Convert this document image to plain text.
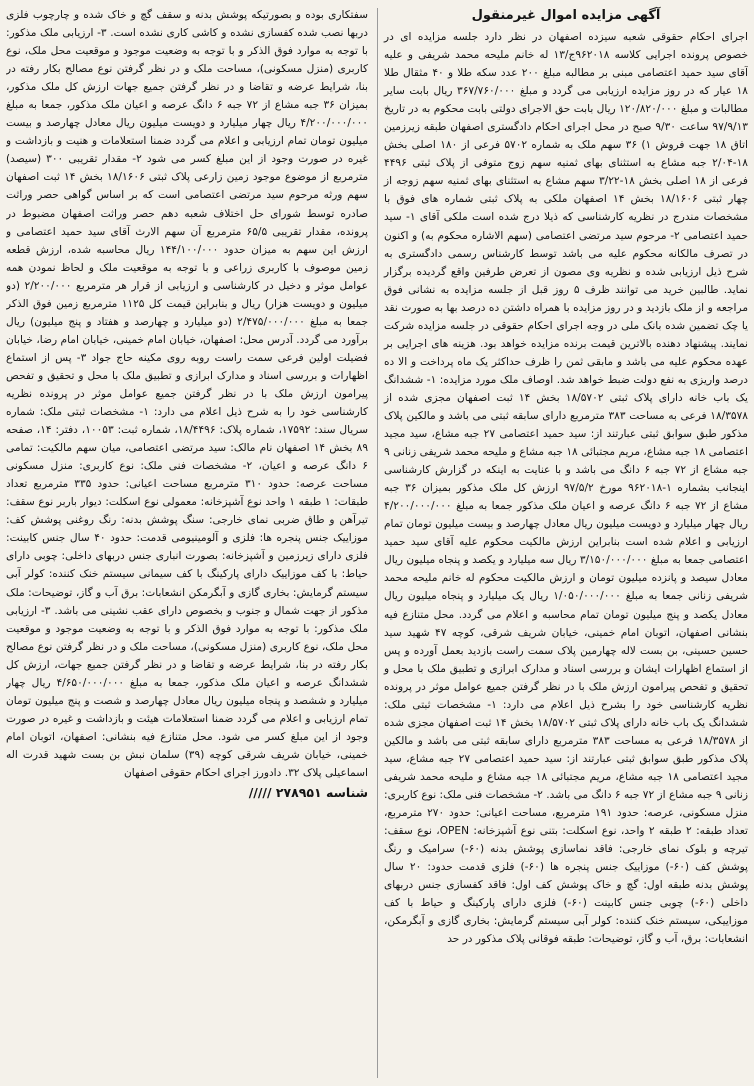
آگهی مزایده اموال غیرمنقول

اجرای احکام حقوقی شعبه سیزده اصفهان در نظر دارد جلسه مزایده ای در خصوص پرونده اجرایی کلاسه ۹۶۲۰۱۸ج/۱۳ له خانم ملیحه محمد شریفی و علیه آقای سید حمید اعتصامی مبنی بر مطالبه مبلغ ۲۰۰ عدد سکه طلا و ۴۰ مثقال طلا ۱۸ عیار که در روز مزایده ارزیابی می گردد و مبلغ ۳۶۷/۷۶۰/۰۰۰ ریال بابت سایر مطالبات و مبلغ ۱۲۰/۸۲۰/۰۰۰ ریال بابت حق الاجرای دولتی بابت محکوم به در تاریخ ۹۷/۹/۱۳ ساعت ۹/۳۰ صبح در محل اجرای احکام دادگستری اصفهان طبقه زیرزمین اتاق ۱۸ جهت فروش ۱) ۳۶ سهم ملک به شماره ۵۷۰۲ فرعی از ۱۸۰ اصلی بخش ۱۸-۲/۰۴ جبه مشاع به استثنای بهای ثمنیه سهم زوج متوفی از پلاک ثبتی ۴۴۹۶ فرعی از ۱۸ اصلی بخش ۱۸-۳/۲۲ سهم مشاع به استثنای بهای ثمنیه سهم زوجه از چهار ثبتی ۱۸/۱۶۰۶ بخش ۱۴ اصفهان ملکی به پلاک ثبتی شماره های فوق با مشخصات مندرج در نظریه کارشناسی که ذیلا درج شده است ملکی آقای ۱- سید حمید اعتصامی ۲- مرحوم سید مرتضی اعتصامی (سهم الاشاره محکوم به) و اکنون در تصرف مالکانه محکوم علیه می باشد توسط کارشناس رسمی دادگستری به شرح ذیل ارزیابی شده و نظریه وی مصون از تعرض طرفین واقع گردیده برگزار نماید. طالبین خرید می توانند ظرف ۵ روز قبل از جلسه مزایده به نشانی فوق مراجعه و از ملک بازدید و در روز مزایده با همراه داشتن ده درصد بها به صورت نقد یا چک تضمین شده بانک ملی در وجه اجرای احکام حقوقی در جلسه مزایده شرکت نمایند. پیشنهاد دهنده بالاترین قیمت برنده مزایده خواهد بود. هزینه های اجرایی بر عهده محکوم علیه می باشد و مابقی ثمن را ظرف حداکثر یک ماه پرداخت و الا ده درصد واریزی به نفع دولت ضبط خواهد شد. اوصاف ملک مورد مزایده: ۱- ششدانگ یک باب خانه دارای پلاک ثبتی ۱۸/۵۷۰۲ بخش ۱۴ ثبت اصفهان مجزی شده از ۱۸/۳۵۷۸ فرعی به مساحت ۳۸۳ مترمربع دارای سابقه ثبتی می باشد و مالکین پلاک مذکور طبق سوابق ثبتی عبارتند از: سید حمید اعتصامی ۲۷ جبه مشاع، سید مجید اعتصامی ۱۸ جبه مشاع، مریم مجتبائی ۱۸ جبه مشاع و ملیحه محمد شریفی زنانی ۹ جبه مشاع از ۷۲ جبه ۶ دانگ می باشد و با عنایت به اینکه در گزارش کارشناسی اینجانب بشماره ۱-۹۶۲۰۱۸ مورخ ۹۷/۵/۲ ارزش کل ملک مذکور بمیزان ۳۶ جبه مشاع از ۷۲ جبه ۶ دانگ عرصه و اعیان ملک مذکور جمعا به مبلغ ۴/۲۰۰/۰۰۰/۰۰۰ ریال چهار میلیارد و دویست میلیون ریال معادل چهارصد و بیست میلیون تومان تمام ارزیابی و اعلام شده است بنابراین ارزش مالکیت محکوم علیه آقای سید حمید اعتصامی جمعا به مبلغ ۳/۱۵۰/۰۰۰/۰۰۰ ریال سه میلیارد و یکصد و پنجاه میلیون ریال معادل سیصد و پانزده میلیون تومان و ارزش مالکیت محکوم له خانم ملیحه محمد شریفی زنانی جمعا به مبلغ ۱/۰۵۰/۰۰۰/۰۰۰ ریال یک میلیارد و پنجاه میلیون ریال معادل یکصد و پنج میلیون تومان تمام محاسبه و اعلام می گردد. محل متنازع فیه بنشانی اصفهان، اتوبان امام خمینی، خیابان شریف شرقی، کوچه ۴۷ شهید سید حسین حسینی، بن بست لاله چهارمین پلاک سمت راست بازدید بعمل آورده و پس از استماع اظهارات ایشان و بررسی اسناد و مدارک ابرازی و تطبیق ملک با محل و تحقیق و تفحص پیرامون ارزش ملک با در نظر گرفتن جمیع عوامل موثر در پرونده نظریه کارشناسی خود را بشرح ذیل اعلام می دارد: ۱- مشخصات ثبتی ملک: ششدانگ یک باب خانه دارای پلاک ثبتی ۱۸/۵۷۰۲ بخش ۱۴ ثبت اصفهان مجزی شده از ۱۸/۳۵۷۸ فرعی به مساحت ۳۸۳ مترمربع دارای سابقه ثبتی می باشد و مالکین پلاک مذکور طبق سوابق ثبتی عبارتند از: سید حمید اعتصامی ۲۷ جبه مشاع، سید مجید اعتصامی ۱۸ جبه مشاع، مریم مجتبائی ۱۸ جبه مشاع و ملیحه محمد شریفی زنانی ۹ جبه مشاع از ۷۲ جبه ۶ دانگ می باشد. ۲- مشخصات فنی ملک: نوع کاربری: منزل مسکونی، عرصه: حدود ۱۹۱ مترمربع، مساحت اعیانی: حدود ۲۷۰ مترمربع، تعداد طبقه: ۲ طبقه ۲ واحد، نوع اسکلت: بتنی نوع آشپزخانه: OPEN، نوع سقف: تیرچه و بلوک نمای خارجی: فاقد نماسازی پوشش بدنه (۶۰-) سرامیک و رنگ پوشش کف (۶۰-) موزاییک جنس پنجره ها (۶۰-) فلزی قدمت حدود: ۲۰ سال پوشش بدنه طبقه اول: گچ و خاک پوشش کف اول: فاقد کفسازی جنس دربهای داخلی (۶۰-) چوبی جنس کابینت (۶۰-) فلزی دارای پارکینگ و حیاط با کف موزاییکی، سیستم خنک کننده: کولر آبی سیستم گرمایش: بخاری گازی و آبگرمکن، انشعابات: برق، آب و گاز، توضیحات: طبقه فوقانی پلاک مذکور در حد

سفتکاری بوده و بصورتیکه پوشش بدنه و سقف گچ و خاک شده و چارچوب فلزی دربها نصب شده کفسازی نشده و کاشی کاری نشده است. ۳- ارزیابی ملک مذکور: با توجه به موارد فوق الذکر و با توجه به وضعیت موجود و موقعیت محل ملک، نوع کاربری (منزل مسکونی)، مساحت ملک و در نظر گرفتن نوع مصالح بکار رفته در بنا، شرایط عرضه و تقاضا و در نظر گرفتن جمیع جهات ارزش کل ملک مذکور، بمیزان ۳۶ جبه مشاع از ۷۲ جبه ۶ دانگ عرصه و اعیان ملک مذکور، جمعا به مبلغ ۴/۲۰۰/۰۰۰/۰۰۰ ریال چهار میلیارد و دویست میلیون ریال معادل چهارصد و بیست میلیون تومان تمام ارزیابی و اعلام می گردد ضمنا استعلامات و هنیت و بازداشت و غیره در صورت وجود از این مبلغ کسر می شود ۲- مقدار تقریبی ۳۰۰ (سیصد) مترمربع از موضوع موجود زمین زارعی پلاک ثبتی ۱۸/۱۶۰۶ بخش ۱۴ ثبت اصفهان سهم ورثه مرحوم سید مرتضی اعتصامی است که بر اساس گواهی حصر وراثت صادره توسط شورای حل اختلاف شعبه دهم حصر وراثت اصفهان مضبوط در پرونده، مقدار تقریبی ۶۵/۵ مترمربع آن سهم الارث آقای سید حمید اعتصامی و ارزش این سهم به میزان حدود ۱۴۴/۱۰۰/۰۰۰ ریال محاسبه شده، ارزش قطعه زمین موصوف با کاربری زراعی و با توجه به موقعیت ملک و لحاظ نمودن همه عوامل موثر و دخیل در کارشناسی و ارزیابی از قرار هر مترمربع ۲/۲۰۰/۰۰۰ (دو میلیون و دویست هزار) ریال و بنابراین قیمت کل ۱۱۲۵ مترمربع زمین فوق الذکر جمعا به مبلغ ۲/۴۷۵/۰۰۰/۰۰۰ (دو میلیارد و چهارصد و هفتاد و پنج میلیون) ریال برآورد می گردد. آدرس محل: اصفهان، خیابان امام خمینی، خیابان امام رضا، خیابان فضیلت اولین فرعی سمت راست روبه روی مکینه حاج جواد ۳- پس از استماع اظهارات و بررسی اسناد و مدارک ابرازی و تطبیق ملک با محل و تحقیق و تفحص پیرامون ارزش ملک با در نظر گرفتن جمیع عوامل موثر در پرونده نظریه کارشناسی خود را به شرح ذیل اعلام می دارد: ۱- مشخصات ثبتی ملک: شماره سریال سند: ۱۷۵۹۲، شماره پلاک: ۱۸/۴۴۹۶، شماره ثبت: ۱۰۰۵۳، دفتر: ۱۴، صفحه ۸۹ بخش ۱۴ اصفهان نام مالک: سید مرتضی اعتصامی، میان سهم مالکیت: تمامی ۶ دانگ عرصه و اعیان، ۲- مشخصات فنی ملک: نوع کاربری: منزل مسکونی مساحت عرصه: حدود ۳۱۰ مترمربع مساحت اعیانی: حدود ۳۳۵ مترمربع تعداد طبقات: ۱ طبقه ۱ واحد نوع آشپزخانه: معمولی نوع اسکلت: دیوار باربر نوع سقف: تیرآهن و طاق ضربی نمای خارجی: سنگ پوشش بدنه: رنگ روغنی پوشش کف: موزاییک جنس پنجره ها: فلزی و آلومینیومی قدمت: حدود ۴۰ سال جنس کابینت: فلزی دارای زیرزمین و آشپزخانه: بصورت انباری جنس دربهای داخلی: چوبی دارای حیاط: با کف موزاییک دارای پارکینگ با کف سیمانی سیستم خنک کننده: کولر آبی سیستم گرمایش: بخاری گازی و آبگرمکن انشعابات: برق آب و گاز، توضیحات: ملک مذکور از جهت شمال و جنوب و بخصوص دارای عقب نشینی می باشد. ۳- ارزیابی ملک مذکور: با توجه به موارد فوق الذکر و با توجه به وضعیت موجود و موقعیت محل ملک، نوع کاربری (منزل مسکونی)، مساحت ملک و در نظر گرفتن نوع مصالح بکار رفته در بنا، شرایط عرضه و تقاضا و در نظر گرفتن جمیع جهات، ارزش کل ششدانگ عرصه و اعیان ملک مذکور، جمعا به مبلغ ۴/۶۵۰/۰۰۰/۰۰۰ ریال چهار میلیارد و ششصد و پنجاه میلیون ریال معادل چهارصد و شصت و پنج میلیون تومان تمام ارزیابی و اعلام می گردد ضمنا استعلامات هیئت و بازداشت و غیره در صورت وجود از این مبلغ کسر می شود. محل متنازع فیه بنشانی: اصفهان، اتوبان امام خمینی، خیابان شریف شرقی کوچه (۳۹) سلمان نبش بن بست شهید قدرت اله اسماعیلی پلاک ۳۲. دادورز اجرای احکام حقوقی اصفهان

شناسه ۲۷۸۹۵۱ /////
